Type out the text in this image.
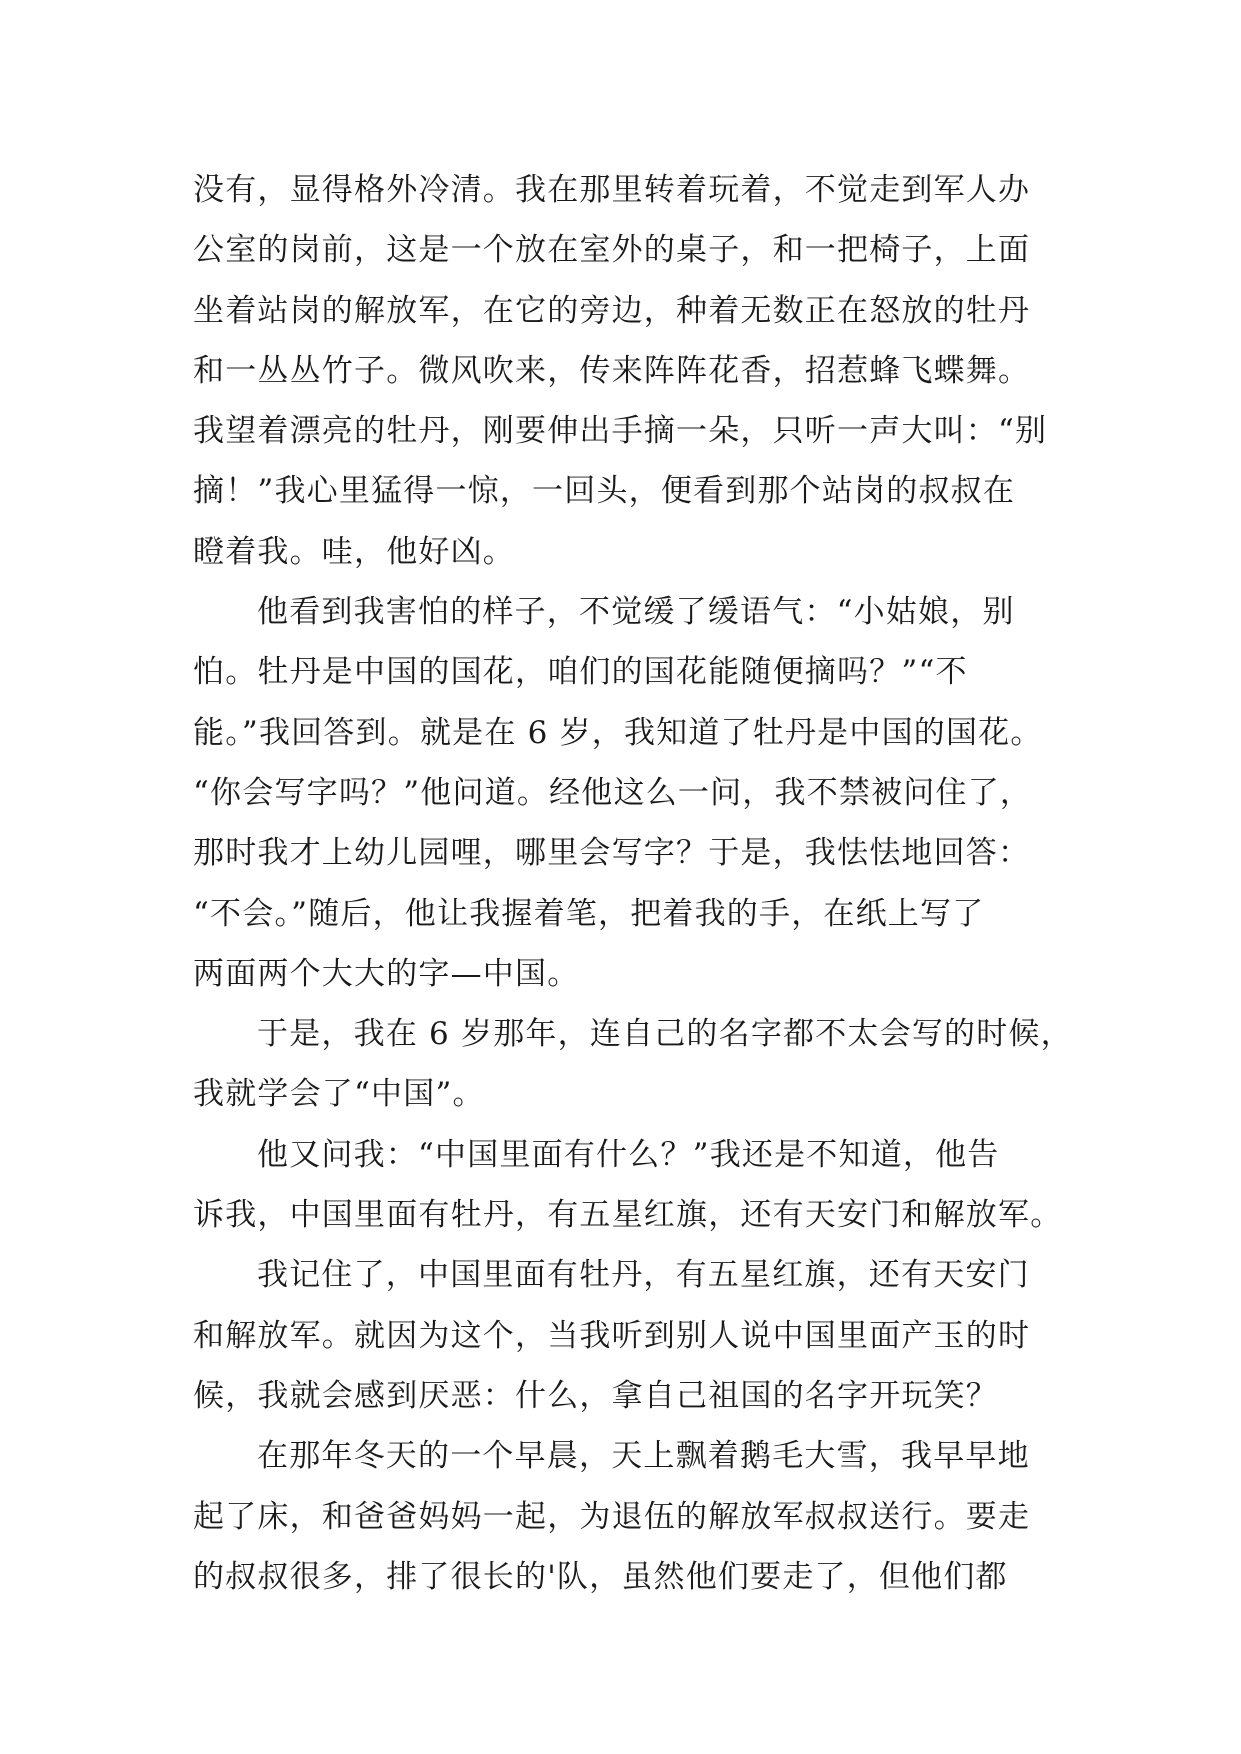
没有，显得格外冷清。我在那里转着玩着，不觉走到军人办
公室的岗前，这是一个放在室外的桌子，和一把椅子，上面
坐着站岗的解放军，在它的旁边，种着无数正在怒放的牡丹
和一丛丛竹子。微风吹来，传来阵阵花香，招惹蜂飞蝶舞。
我望着漂亮的牡丹，刚要伸出手摘一朵，只听一声大叫：“别
摘！”我心里猛得一惊，一回头，便看到那个站岗的叔叔在
瞪着我。哇，他好凶。
他看到我害怕的样子，不觉缓了缓语气：“小姑娘，别
怕。牡丹是中国的国花，咱们的国花能随便摘吗？”“不
能。”我回答到。就是在 6 岁，我知道了牡丹是中国的国花。
“你会写字吗？”他问道。经他这么一问，我不禁被问住了，
那时我才上幼儿园哩，哪里会写字？于是，我怯怯地回答：
“不会。”随后，他让我握着笔，把着我的手，在纸上写了
两面两个大大的字—中国。
于是，我在 6 岁那年，连自己的名字都不太会写的时候，
我就学会了“中国”。
他又问我：“中国里面有什么？”我还是不知道，他告
诉我，中国里面有牡丹，有五星红旗，还有天安门和解放军。
我记住了，中国里面有牡丹，有五星红旗，还有天安门
和解放军。就因为这个，当我听到别人说中国里面产玉的时
候，我就会感到厌恶：什么，拿自己祖国的名字开玩笑？
在那年冬天的一个早晨，天上飘着鹅毛大雪，我早早地
起了床，和爸爸妈妈一起，为退伍的解放军叔叔送行。要走
的叔叔很多，排了很长的'队，虽然他们要走了，但他们都
